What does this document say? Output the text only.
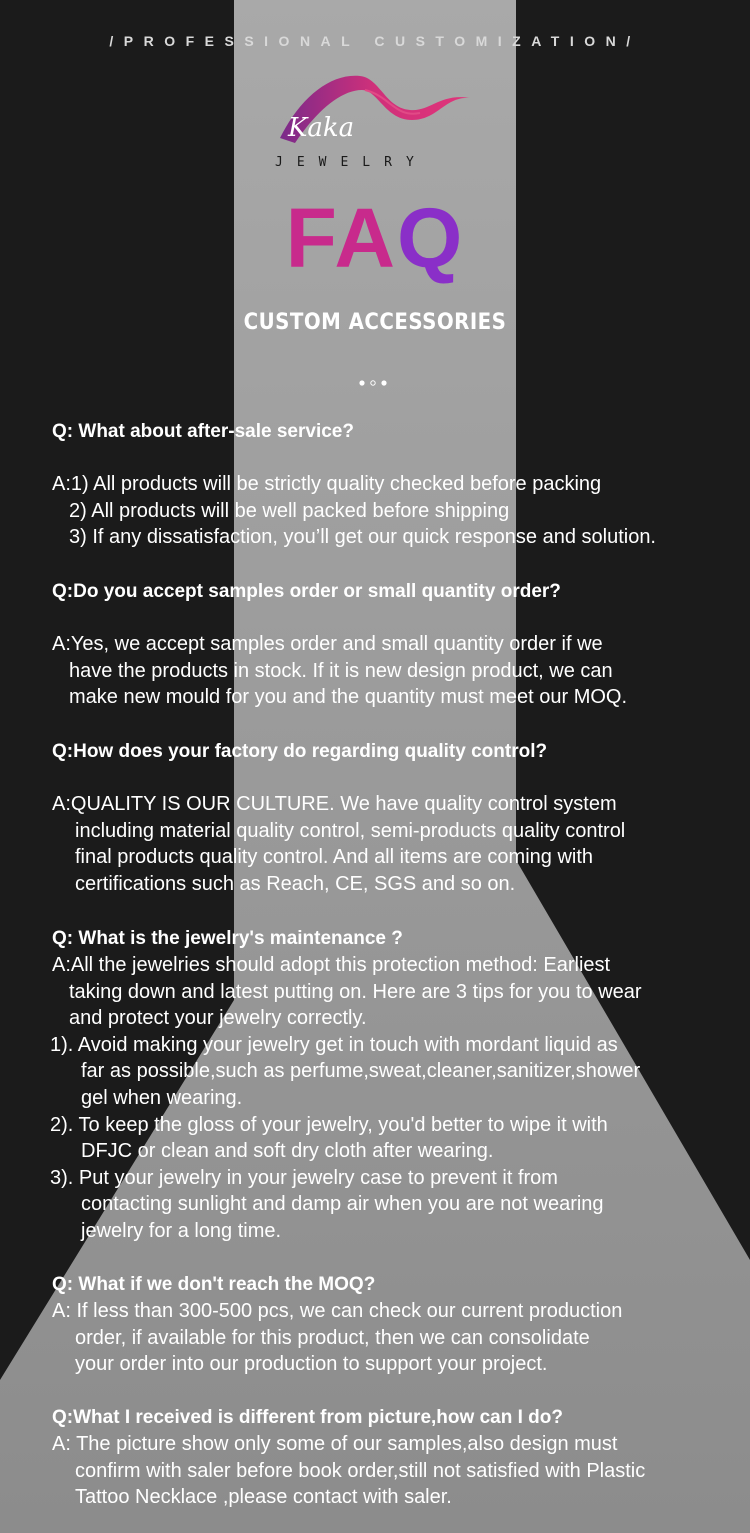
/PROFESSIONAL CUSTOMIZATION/
Kaka
JEWELRY
FAQ
CUSTOM ACCESSORIES
Q: What about after-sale service?
A:1) All products will be strictly quality checked before packing
2) All products will be well packed before shipping
3) If any dissatisfaction, you’ll get our quick response and solution.
Q:Do you accept samples order or small quantity order?
A:Yes, we accept samples order and small quantity order if we
have the products in stock. If it is new design product, we can
make new mould for you and the quantity must meet our MOQ.
Q:How does your factory do regarding quality control?
A:QUALITY IS OUR CULTURE. We have quality control system
including material quality control, semi-products quality control
final products quality control. And all items are coming with
certifications such as Reach, CE, SGS and so on.
Q: What is the jewelry's maintenance ?
A:All the jewelries should adopt this protection method: Earliest
taking down and latest putting on. Here are 3 tips for you to wear
and protect your jewelry correctly.
1). Avoid making your jewelry get in touch with mordant liquid as
far as possible,such as perfume,sweat,cleaner,sanitizer,shower
gel when wearing.
2). To keep the gloss of your jewelry, you'd better to wipe it with
DFJC or clean and soft dry cloth after wearing.
3). Put your jewelry in your jewelry case to prevent it from
contacting sunlight and damp air when you are not wearing
jewelry for a long time.
Q: What if we don't reach the MOQ?
A: If less than 300-500 pcs, we can check our current production
order, if available for this product, then we can consolidate
your order into our production to support your project.
Q:What I received is different from picture,how can I do?
A: The picture show only some of our samples,also design must
confirm with saler before book order,still not satisfied with Plastic
Tattoo Necklace ,please contact with saler.
